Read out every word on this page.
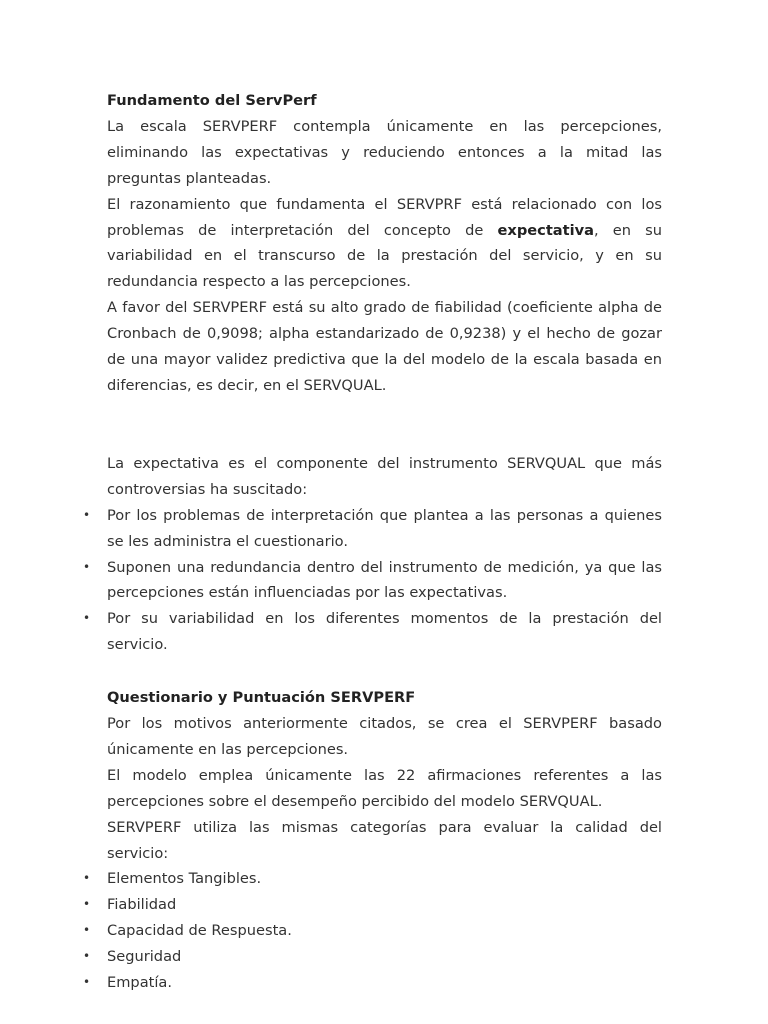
Fundamento del ServPerf

La escala SERVPERF contempla únicamente en las percepciones, eliminando las expectativas y reduciendo entonces a la mitad las preguntas planteadas.

El razonamiento que fundamenta el SERVPRF está relacionado con los problemas de interpretación del concepto de expectativa, en su variabilidad en el transcurso de la prestación del servicio, y en su redundancia respecto a las percepciones.

A favor del SERVPERF está su alto grado de fiabilidad (coeficiente alpha de Cronbach de 0,9098; alpha estandarizado de 0,9238) y el hecho de gozar de una mayor validez predictiva que la del modelo de la escala basada en diferencias, es decir, en el SERVQUAL.

La expectativa es el componente del instrumento SERVQUAL que más controversias ha suscitado:

• Por los problemas de interpretación que plantea a las personas a quienes se les administra el cuestionario.
• Suponen una redundancia dentro del instrumento de medición, ya que las percepciones están influenciadas por las expectativas.
• Por su variabilidad en los diferentes momentos de la prestación del servicio.

Questionario y Puntuación SERVPERF

Por los motivos anteriormente citados, se crea el SERVPERF basado únicamente en las percepciones.

El modelo emplea únicamente las 22 afirmaciones referentes a las percepciones sobre el desempeño percibido del modelo SERVQUAL.

SERVPERF utiliza las mismas categorías para evaluar la calidad del servicio:

• Elementos Tangibles.
• Fiabilidad
• Capacidad de Respuesta.
• Seguridad
• Empatía.
